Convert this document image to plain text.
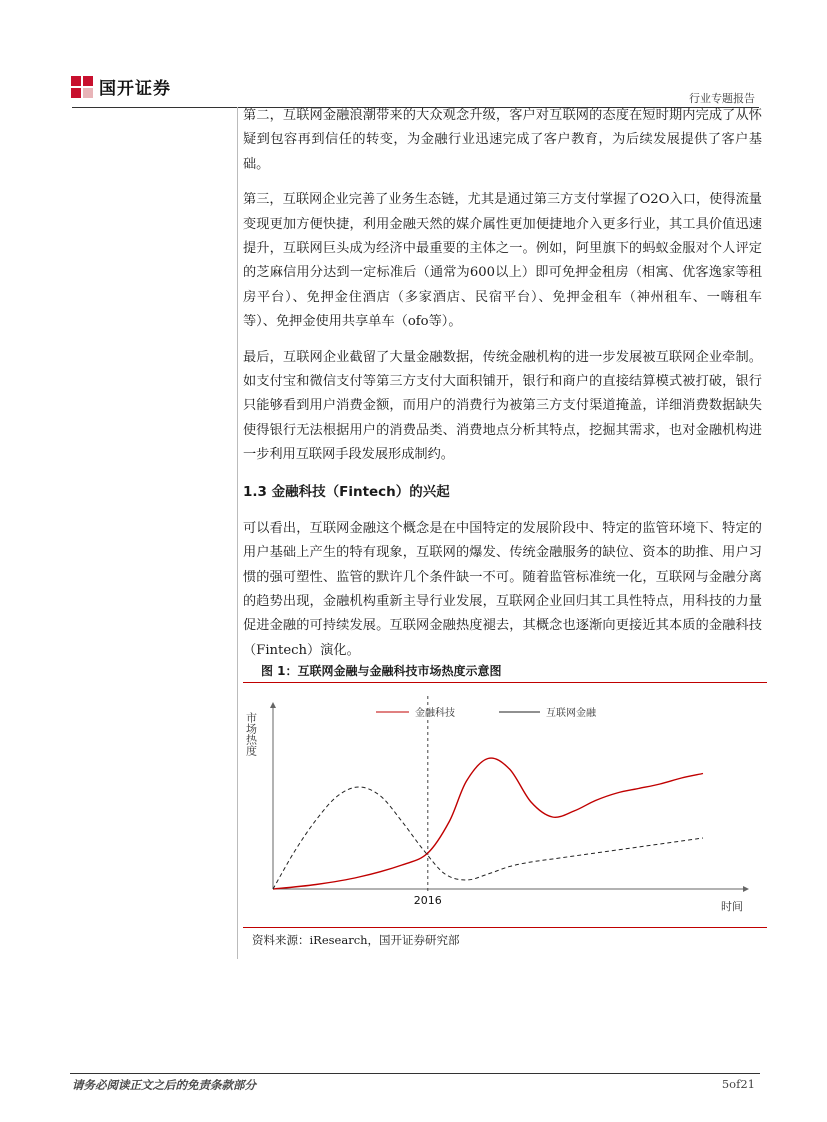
国开证券	行业专题报告

第二，互联网金融浪潮带来的大众观念升级，客户对互联网的态度在短时期内完成了从怀疑到包容再到信任的转变，为金融行业迅速完成了客户教育，为后续发展提供了客户基础。

第三，互联网企业完善了业务生态链，尤其是通过第三方支付掌握了O2O入口，使得流量变现更加方便快捷，利用金融天然的媒介属性更加便捷地介入更多行业，其工具价值迅速提升，互联网巨头成为经济中最重要的主体之一。例如，阿里旗下的蚂蚁金服对个人评定的芝麻信用分达到一定标准后（通常为600以上）即可免押金租房（相寓、优客逸家等租房平台）、免押金住酒店（多家酒店、民宿平台）、免押金租车（神州租车、一嗨租车等）、免押金使用共享单车（ofo等）。

最后，互联网企业截留了大量金融数据，传统金融机构的进一步发展被互联网企业牵制。如支付宝和微信支付等第三方支付大面积铺开，银行和商户的直接结算模式被打破，银行只能够看到用户消费金额，而用户的消费行为被第三方支付渠道掩盖，详细消费数据缺失使得银行无法根据用户的消费品类、消费地点分析其特点，挖掘其需求，也对金融机构进一步利用互联网手段发展形成制约。

1.3 金融科技（Fintech）的兴起

可以看出，互联网金融这个概念是在中国特定的发展阶段中、特定的监管环境下、特定的用户基础上产生的特有现象，互联网的爆发、传统金融服务的缺位、资本的助推、用户习惯的强可塑性、监管的默许几个条件缺一不可。随着监管标准统一化，互联网与金融分离的趋势出现，金融机构重新主导行业发展，互联网企业回归其工具性特点，用科技的力量促进金融的可持续发展。互联网金融热度褪去，其概念也逐渐向更接近其本质的金融科技（Fintech）演化。

图 1：互联网金融与金融科技市场热度示意图
市场热度
时间
2016
金融科技	互联网金融
资料来源：iResearch，国开证券研究部
请务必阅读正文之后的免责条款部分	5of21
